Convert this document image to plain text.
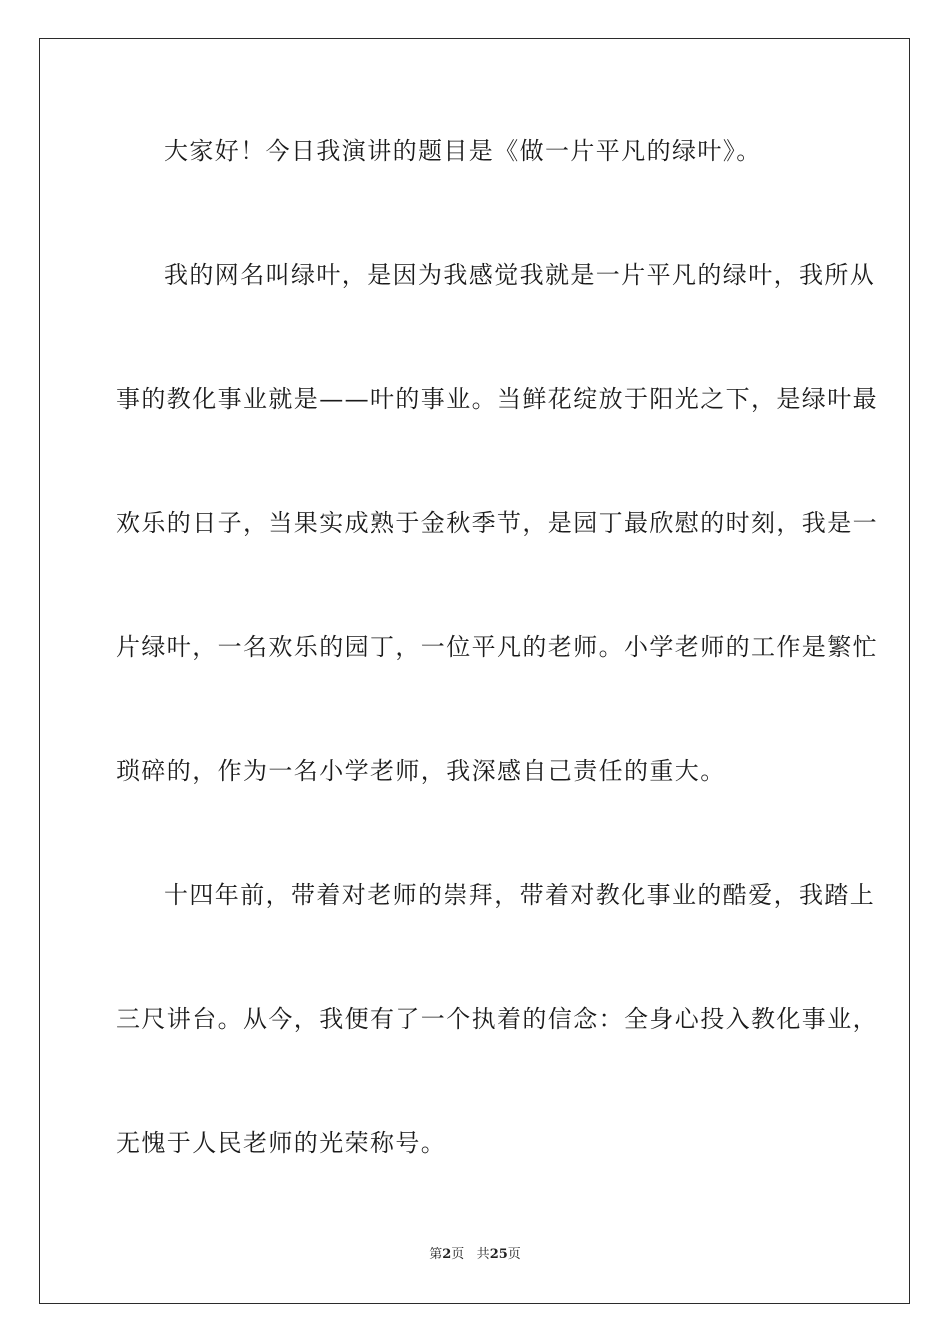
大家好！今日我演讲的题目是《做一片平凡的绿叶》。
我的网名叫绿叶，是因为我感觉我就是一片平凡的绿叶，我所从
事的教化事业就是——叶的事业。当鲜花绽放于阳光之下，是绿叶最
欢乐的日子，当果实成熟于金秋季节，是园丁最欣慰的时刻，我是一
片绿叶，一名欢乐的园丁，一位平凡的老师。小学老师的工作是繁忙
琐碎的，作为一名小学老师，我深感自己责任的重大。
十四年前，带着对老师的崇拜，带着对教化事业的酷爱，我踏上
三尺讲台。从今，我便有了一个执着的信念：全身心投入教化事业，
无愧于人民老师的光荣称号。
第2页 共25页
